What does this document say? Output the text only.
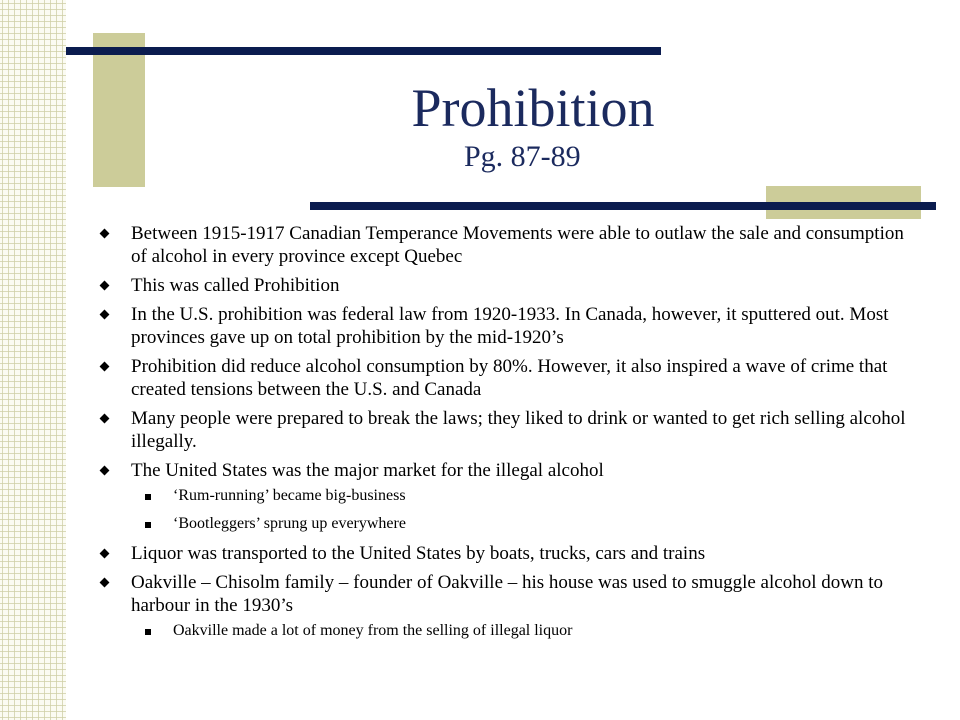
Prohibition
Pg. 87-89
Between 1915-1917 Canadian Temperance Movements were able to outlaw the sale and consumption of alcohol in every province except Quebec
This was called Prohibition
In the U.S. prohibition was federal law from 1920-1933. In Canada, however, it sputtered out. Most provinces gave up on total prohibition by the mid-1920’s
Prohibition did reduce alcohol consumption by 80%. However, it also inspired a wave of crime that created tensions between the U.S. and Canada
Many people were prepared to break the laws; they liked to drink or wanted to get rich selling alcohol illegally.
The United States was the major market for the illegal alcohol
‘Rum-running’ became big-business
‘Bootleggers’ sprung up everywhere
Liquor was transported to the United States by boats, trucks, cars and trains
Oakville – Chisolm family – founder of Oakville – his house was used to smuggle alcohol down to harbour in the 1930’s
Oakville made a lot of money from the selling of illegal liquor
